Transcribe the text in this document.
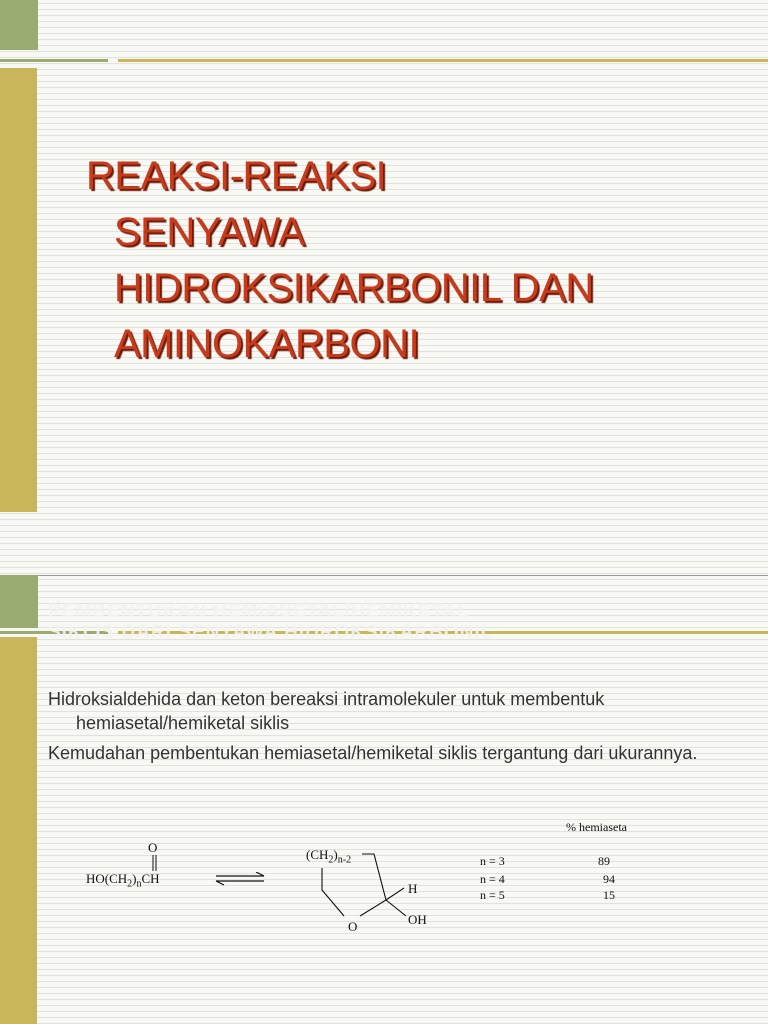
REAKSI-REAKSI
SENYAWA
HIDROKSIKARBONIL DAN
AMINOKARBONI
PEMBENTUKAN HEMIASETAL/HEMIKETAL
SIKLIS DARI SENYAWA HIDROKSIKARBONIL
Hidroksialdehida dan keton bereaksi intramolekuler untuk membentuk hemiasetal/hemiketal siklis
Kemudahan pembentukan hemiasetal/hemiketal siklis tergantung dari ukurannya.
O
$HO(CH_2)_nCH$
$(CH_2)_{n-2}$
H
OH
O
% hemiaseta
n = 3	89
n = 4	94
n = 5	15
